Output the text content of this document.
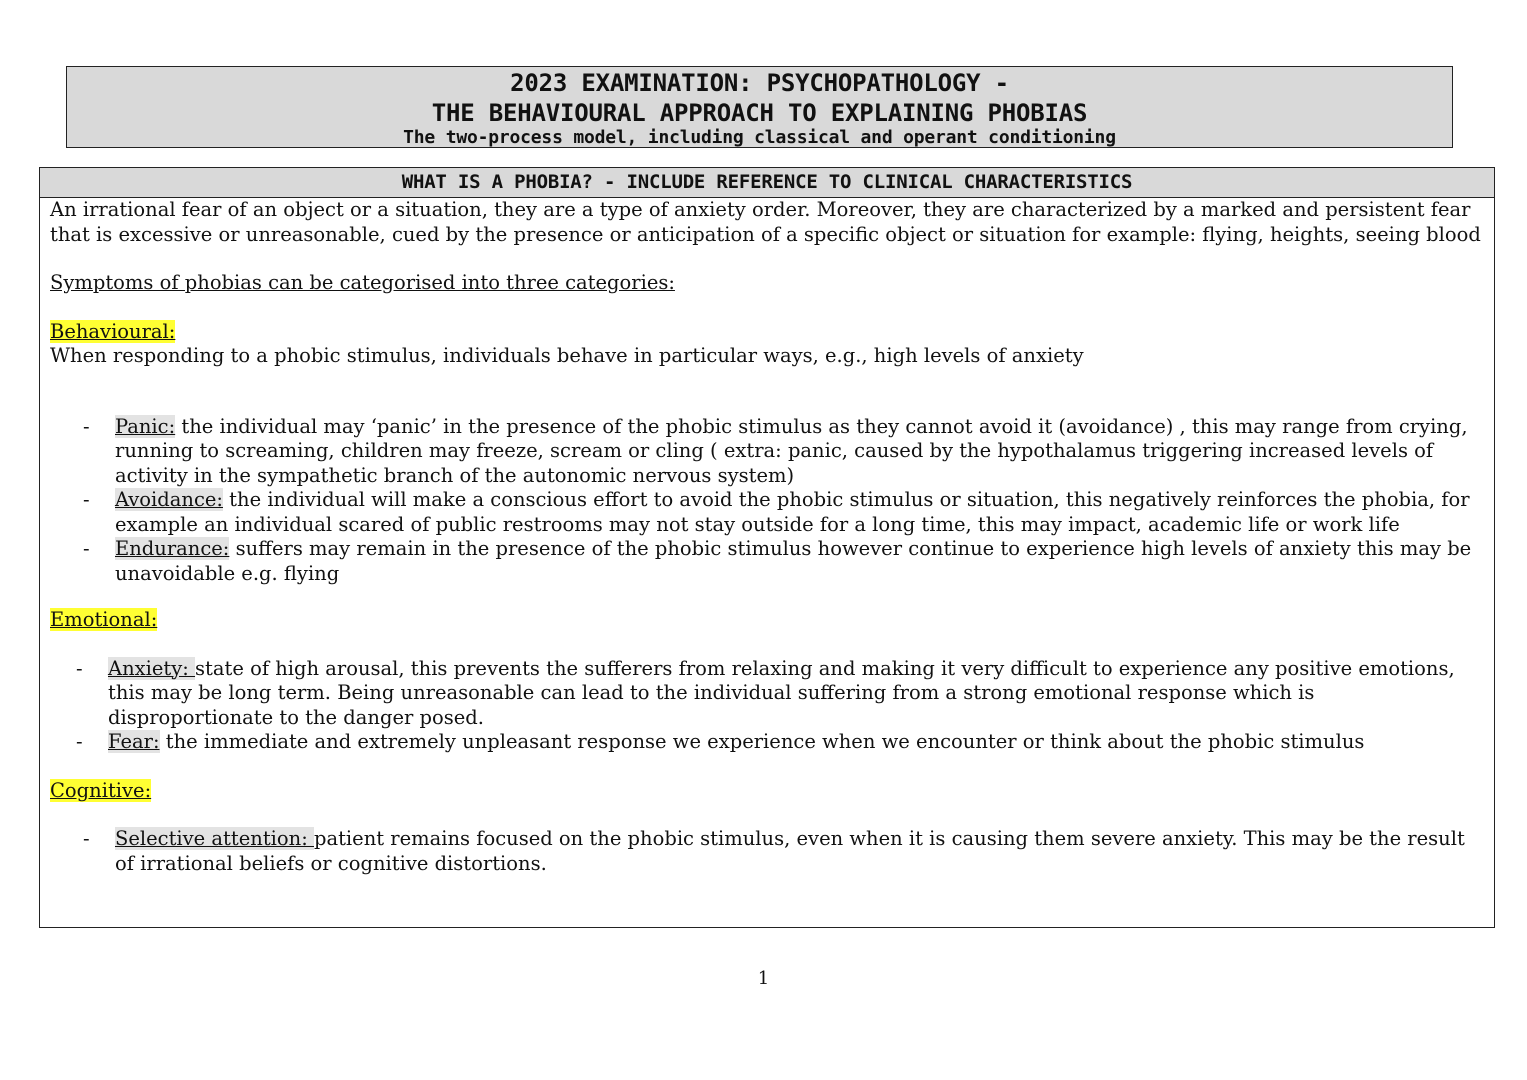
2023 EXAMINATION: PSYCHOPATHOLOGY -
THE BEHAVIOURAL APPROACH TO EXPLAINING PHOBIAS
The two-process model, including classical and operant conditioning
WHAT IS A PHOBIA? - INCLUDE REFERENCE TO CLINICAL CHARACTERISTICS

An irrational fear of an object or a situation, they are a type of anxiety order. Moreover, they are characterized by a marked and persistent fear that is excessive or unreasonable, cued by the presence or anticipation of a specific object or situation for example: flying, heights, seeing blood

Symptoms of phobias can be categorised into three categories:

Behavioural:

When responding to a phobic stimulus, individuals behave in particular ways, e.g., high levels of anxiety

- Panic: the individual may ‘panic’ in the presence of the phobic stimulus as they cannot avoid it (avoidance) , this may range from crying, running to screaming, children may freeze, scream or cling ( extra: panic, caused by the hypothalamus triggering increased levels of activity in the sympathetic branch of the autonomic nervous system)
- Avoidance: the individual will make a conscious effort to avoid the phobic stimulus or situation, this negatively reinforces the phobia, for example an individual scared of public restrooms may not stay outside for a long time, this may impact, academic life or work life
- Endurance: suffers may remain in the presence of the phobic stimulus however continue to experience high levels of anxiety this may be unavoidable e.g. flying

Emotional:

- Anxiety: state of high arousal, this prevents the sufferers from relaxing and making it very difficult to experience any positive emotions, this may be long term. Being unreasonable can lead to the individual suffering from a strong emotional response which is disproportionate to the danger posed.
- Fear: the immediate and extremely unpleasant response we experience when we encounter or think about the phobic stimulus

Cognitive:

- Selective attention: patient remains focused on the phobic stimulus, even when it is causing them severe anxiety. This may be the result of irrational beliefs or cognitive distortions.
1
